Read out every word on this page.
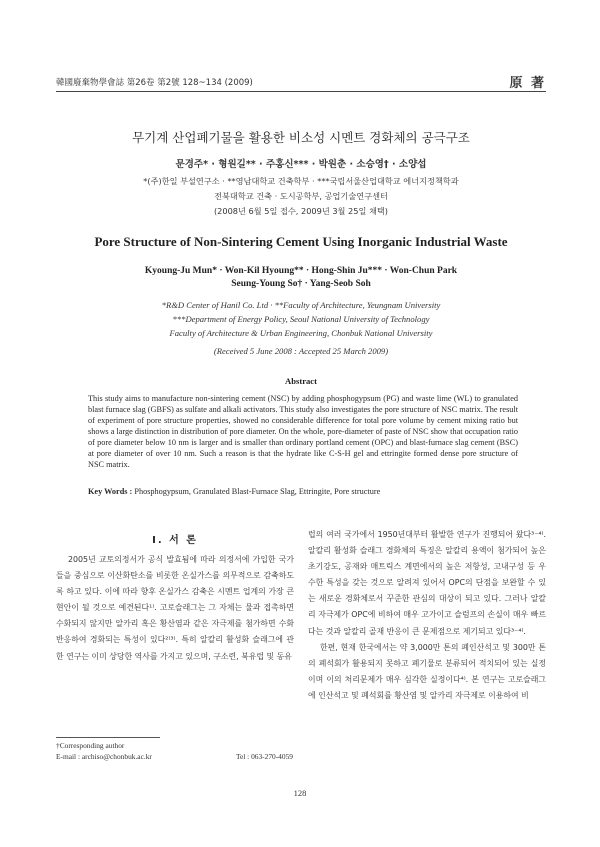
韓國廢棄物學會誌 第26卷 第2號 128~134 (2009)	原 著
무기계 산업폐기물을 활용한 비소성 시멘트 경화체의 공극구조
문경주* · 형원길** · 주홍신*** · 박원춘 · 소승영† · 소양섭
*(주)한일 부설연구소 · **영남대학교 건축학부 · ***국립서울산업대학교 에너지정책학과
전북대학교 건축 · 도시공학부, 공업기술연구센터
(2008년 6월 5일 접수, 2009년 3월 25일 채택)
Pore Structure of Non-Sintering Cement Using Inorganic Industrial Waste
Kyoung-Ju Mun* · Won-Kil Hyoung** · Hong-Shin Ju*** · Won-Chun Park
Seung-Young So† · Yang-Seob Soh
*R&D Center of Hanil Co. Ltd · **Faculty of Architecture, Yeungnam University
***Department of Energy Policy, Seoul National University of Technology
Faculty of Architecture & Urban Engineering, Chonbuk National University
(Received 5 June 2008 : Accepted 25 March 2009)
Abstract
This study aims to manufacture non-sintering cement (NSC) by adding phosphogypsum (PG) and waste lime (WL) to granulated blast furnace slag (GBFS) as sulfate and alkali activators. This study also investigates the pore structure of NSC matrix. The result of experiment of pore structure properties, showed no considerable difference for total pore volume by cement mixing ratio but shows a large distinction in distribution of pore diameter. On the whole, pore-diameter of paste of NSC show that occupation ratio of pore diameter below 10 nm is larger and is smaller than ordinary portland cement (OPC) and blast-furnace slag cement (BSC) at pore diameter of over 10 nm. Such a reason is that the hydrate like C-S-H gel and ettringite formed dense pore structure of NSC matrix.
Key Words : Phosphogypsum, Granulated Blast-Furnace Slag, Ettringite, Pore structure
I. 서 론

2005년 교토의정서가 공식 발효됨에 따라 의정서에 가입한 국가들을 중심으로 이산화탄소를 비롯한 온실가스를 의무적으로 감축하도록 하고 있다. 이에 따라 향후 온실가스 감축은 시멘트 업계의 가장 큰 현안이 될 것으로 예견된다¹⁾. 고로슬래그는 그 자체는 물과 접촉하면 수화되지 않지만 알카리 혹은 황산염과 같은 자극제를 첨가하면 수화반응하여 경화되는 특성이 있다²⁾³⁾. 특히 알칼리 활성화 슬래그에 관한 연구는 이미 상당한 역사를 가지고 있으며, 구소련, 북유럽 및 동유

럽의 여러 국가에서 1950년대부터 활발한 연구가 진행되어 왔다³⁻⁴⁾. 알칼리 활성화 슬래그 경화체의 특징은 알칼리 용액이 첨가되어 높은 초기강도, 공재와 매트릭스 계면에서의 높은 저항성, 고내구성 등 우수한 특성을 갖는 것으로 알려져 있어서 OPC의 단점을 보완할 수 있는 새로운 경화체로서 꾸준한 관심의 대상이 되고 있다. 그러나 알칼리 자극제가 OPC에 비하여 매우 고가이고 슬럼프의 손실이 매우 빠르다는 것과 알칼리 골재 반응이 큰 문제점으로 제기되고 있다³⁻⁴⁾.

한편, 현재 한국에서는 약 3,000만 톤의 폐인산석고 및 300만 톤의 폐석회가 활용되지 못하고 폐기물로 분류되어 적치되어 있는 실정이며 이의 처리문제가 매우 심각한 실정이다⁴⁾. 본 연구는 고로슬래그에 인산석고 및 폐석회를 황산염 및 알카리 자극제로 이용하여 비

†Corresponding author
E-mail : archiso@chonbuk.ac.kr	Tel : 063-270-4059
128
